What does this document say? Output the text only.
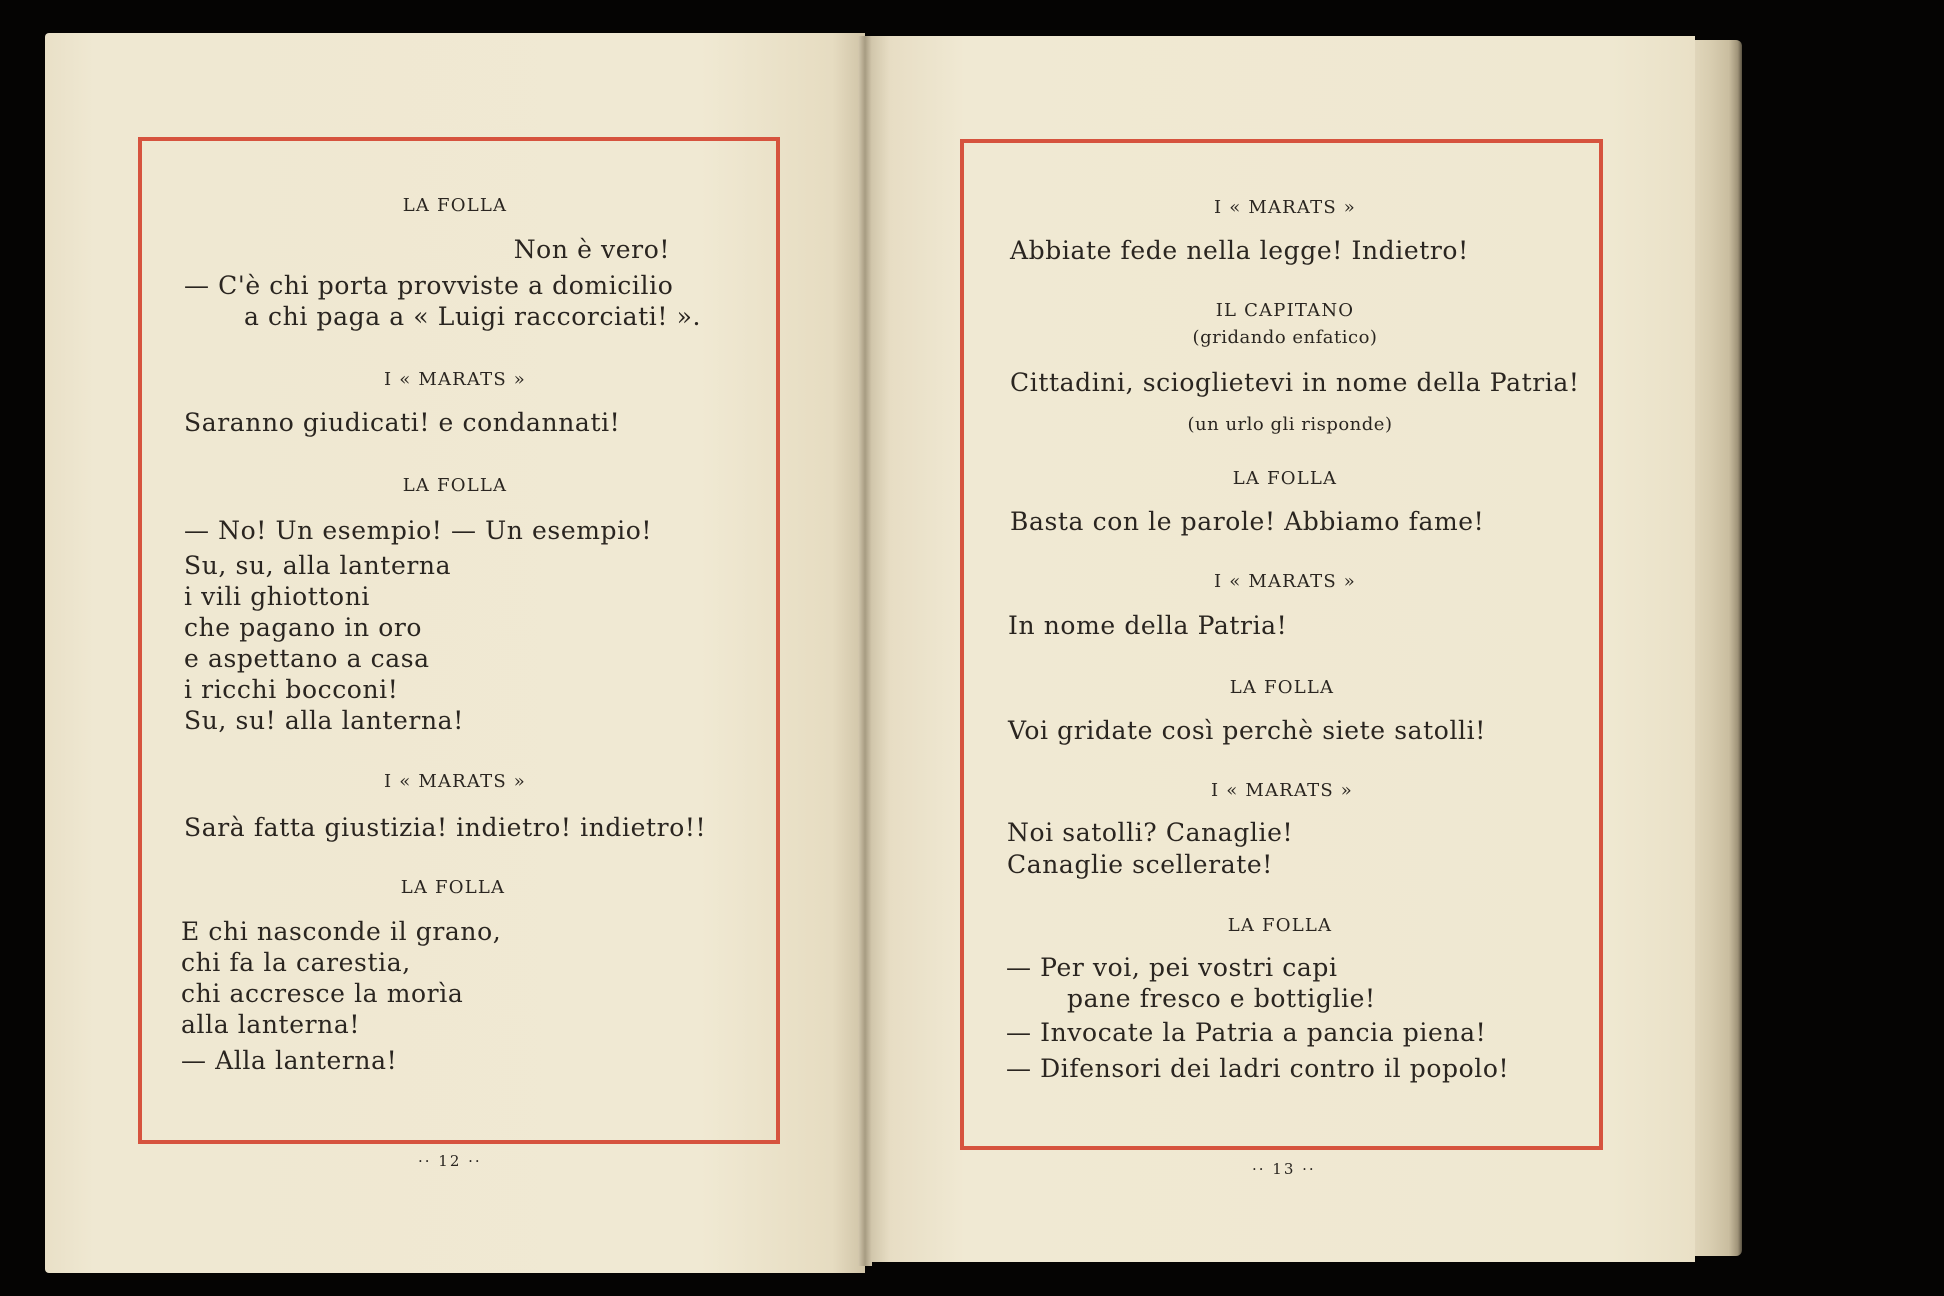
LA FOLLA
Non è vero!
— C'è chi porta provviste a domicilio
a chi paga a « Luigi raccorciati! ».
I « MARATS »
Saranno giudicati! e condannati!
LA FOLLA
— No! Un esempio! — Un esempio!
Su, su, alla lanterna
i vili ghiottoni
che pagano in oro
e aspettano a casa
i ricchi bocconi!
Su, su! alla lanterna!
I « MARATS »
Sarà fatta giustizia! indietro! indietro!!
LA FOLLA
E chi nasconde il grano,
chi fa la carestia,
chi accresce la morìa
alla lanterna!
— Alla lanterna!
·· 12 ··
I « MARATS »
Abbiate fede nella legge! Indietro!
IL CAPITANO
(gridando enfatico)
Cittadini, scioglietevi in nome della Patria!
(un urlo gli risponde)
LA FOLLA
Basta con le parole! Abbiamo fame!
I « MARATS »
In nome della Patria!
LA FOLLA
Voi gridate così perchè siete satolli!
I « MARATS »
Noi satolli? Canaglie!
Canaglie scellerate!
LA FOLLA
— Per voi, pei vostri capi
pane fresco e bottiglie!
— Invocate la Patria a pancia piena!
— Difensori dei ladri contro il popolo!
·· 13 ··
